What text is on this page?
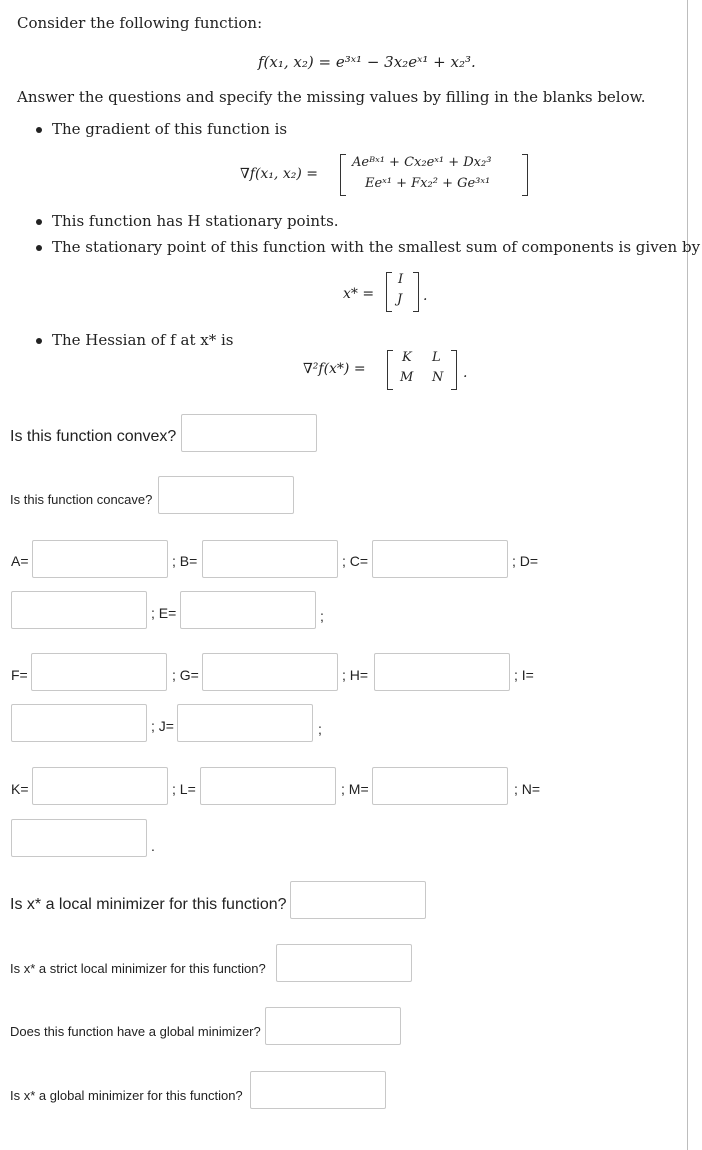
Consider the following function:
f(x₁, x₂) = e³ˣ¹ − 3x₂eˣ¹ + x₂³.
Answer the questions and specify the missing values by filling in the blanks below.
The gradient of this function is
∇f(x₁, x₂) =
Aeᴮˣ¹ + Cx₂eˣ¹ + Dx₂³
Eeˣ¹ + Fx₂² + Ge³ˣ¹
This function has H stationary points.
The stationary point of this function with the smallest sum of components is given by
x* =
I
J .
The Hessian of f at x* is
∇²f(x*) =
K L
M N .
Is this function convex?
Is this function concave?
A=	; B=	; C=	; D=
; E=	;
F=	; G=	; H=	; I=
; J=	;
K=	; L=	; M=	; N=
.
Is x* a local minimizer for this function?
Is x* a strict local minimizer for this function?
Does this function have a global minimizer?
Is x* a global minimizer for this function?
